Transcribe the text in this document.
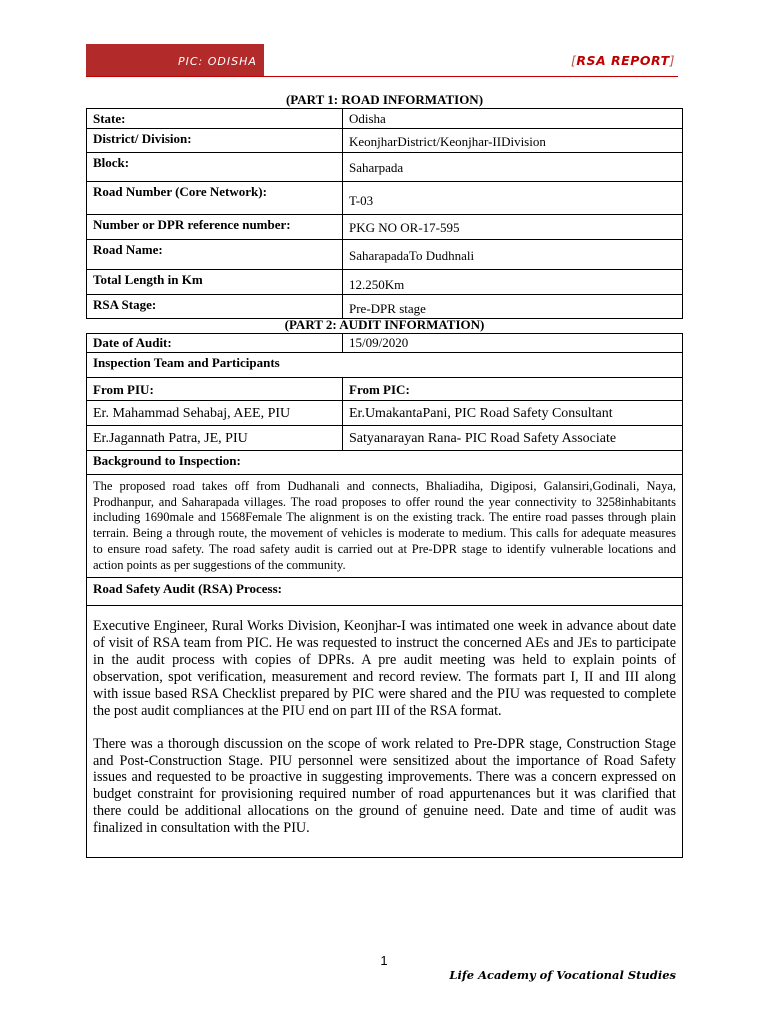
PIC: ODISHA	[RSA REPORT]
(PART 1: ROAD INFORMATION)
State:	Odisha
District/ Division:	KeonjharDistrict/Keonjhar-IIDivision
Block:	Saharpada
Road Number (Core Network):	T-03
Number or DPR reference number:	PKG NO OR-17-595
Road Name:	SaharapadaTo Dudhnali
Total Length in Km	12.250Km
RSA Stage:	Pre-DPR stage
(PART 2: AUDIT INFORMATION)
Date of Audit:	15/09/2020
Inspection Team and Participants	
From PIU:	From PIC:
Er. Mahammad Sehabaj, AEE, PIU	Er.UmakantaPani, PIC Road Safety Consultant
Er.Jagannath Patra, JE, PIU	Satyanarayan Rana- PIC Road Safety Associate
Background to Inspection:	
The proposed road takes off from Dudhanali and connects, Bhaliadiha, Digiposi, Galansiri,Godinali, Naya, Prodhanpur, and Saharapada villages. The road proposes to offer round the year connectivity to 3258inhabitants including 1690male and 1568Female The alignment is on the existing track. The entire road passes through plain terrain. Being a through route, the movement of vehicles is moderate to medium. This calls for adequate measures to ensure road safety. The road safety audit is carried out at Pre-DPR stage to identify vulnerable locations and action points as per suggestions of the community.	
Road Safety Audit (RSA) Process:	

Executive Engineer, Rural Works Division, Keonjhar-I was intimated one week in advance about date of visit of RSA team from PIC. He was requested to instruct the concerned AEs and JEs to participate in the audit process with copies of DPRs. A pre audit meeting was held to explain points of observation, spot verification, measurement and record review. The formats part I, II and III along with issue based RSA Checklist prepared by PIC were shared and the PIU was requested to complete the post audit compliances at the PIU end on part III of the RSA format.

There was a thorough discussion on the scope of work related to Pre-DPR stage, Construction Stage and Post-Construction Stage. PIU personnel were sensitized about the importance of Road Safety issues and requested to be proactive in suggesting improvements. There was a concern expressed on budget constraint for provisioning required number of road appurtenances but it was clarified that there could be additional allocations on the ground of genuine need. Date and time of audit was finalized in consultation with the PIU.	

1
Life Academy of Vocational Studies
